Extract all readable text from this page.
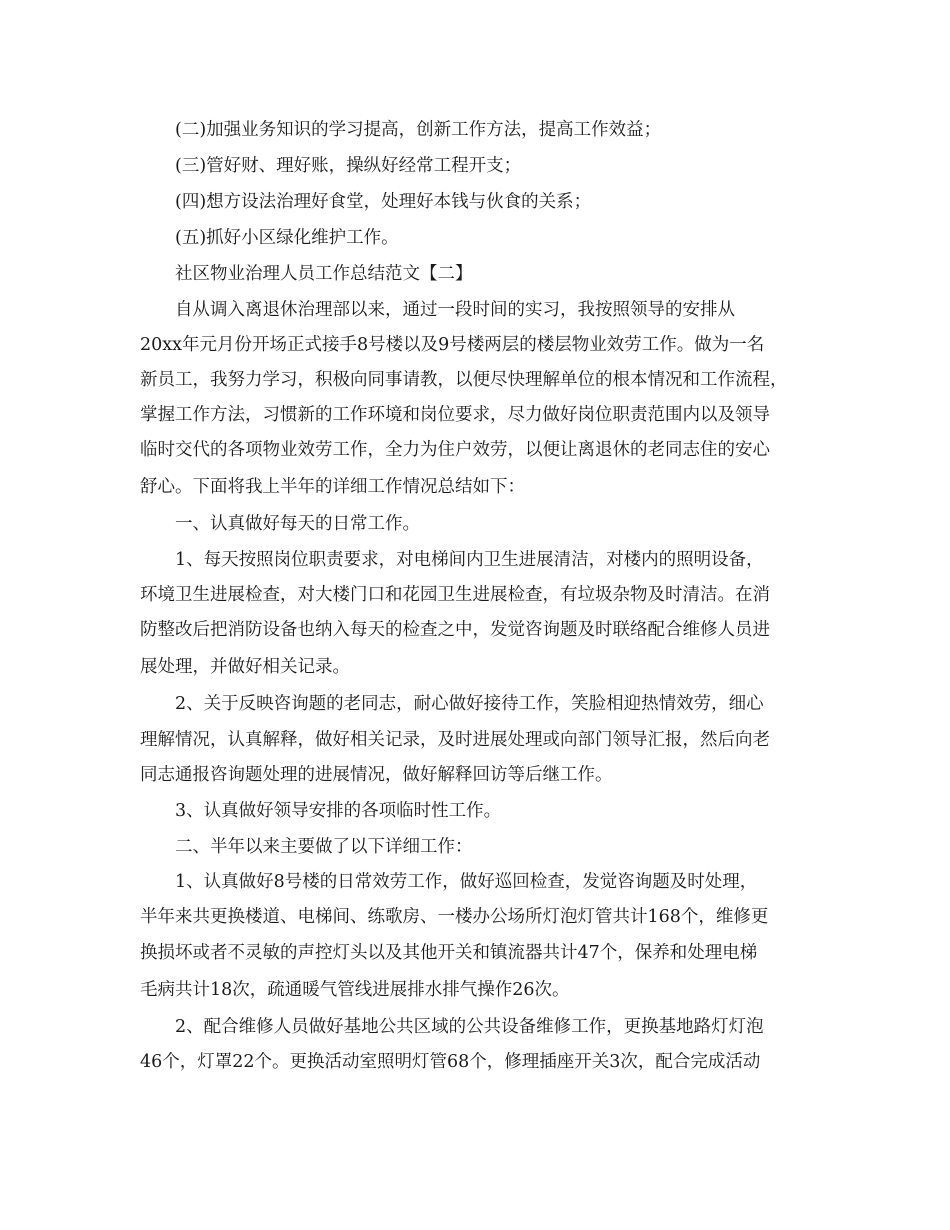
(二)加强业务知识的学习提高，创新工作方法，提高工作效益；
(三)管好财、理好账，操纵好经常工程开支；
(四)想方设法治理好食堂，处理好本钱与伙食的关系；
(五)抓好小区绿化维护工作。
社区物业治理人员工作总结范文【二】
自从调入离退休治理部以来，通过一段时间的实习，我按照领导的安排从
20xx年元月份开场正式接手8号楼以及9号楼两层的楼层物业效劳工作。做为一名
新员工，我努力学习，积极向同事请教，以便尽快理解单位的根本情况和工作流程，
掌握工作方法，习惯新的工作环境和岗位要求，尽力做好岗位职责范围内以及领导
临时交代的各项物业效劳工作，全力为住户效劳，以便让离退休的老同志住的安心
舒心。下面将我上半年的详细工作情况总结如下：
一、认真做好每天的日常工作。
1、每天按照岗位职责要求，对电梯间内卫生进展清洁，对楼内的照明设备，
环境卫生进展检查，对大楼门口和花园卫生进展检查，有垃圾杂物及时清洁。在消
防整改后把消防设备也纳入每天的检查之中，发觉咨询题及时联络配合维修人员进
展处理，并做好相关记录。
2、关于反映咨询题的老同志，耐心做好接待工作，笑脸相迎热情效劳，细心
理解情况，认真解释，做好相关记录，及时进展处理或向部门领导汇报，然后向老
同志通报咨询题处理的进展情况，做好解释回访等后继工作。
3、认真做好领导安排的各项临时性工作。
二、半年以来主要做了以下详细工作：
1、认真做好8号楼的日常效劳工作，做好巡回检查，发觉咨询题及时处理，
半年来共更换楼道、电梯间、练歌房、一楼办公场所灯泡灯管共计168个，维修更
换损坏或者不灵敏的声控灯头以及其他开关和镇流器共计47个，保养和处理电梯
毛病共计18次，疏通暖气管线进展排水排气操作26次。
2、配合维修人员做好基地公共区域的公共设备维修工作，更换基地路灯灯泡
46个，灯罩22个。更换活动室照明灯管68个，修理插座开关3次，配合完成活动
